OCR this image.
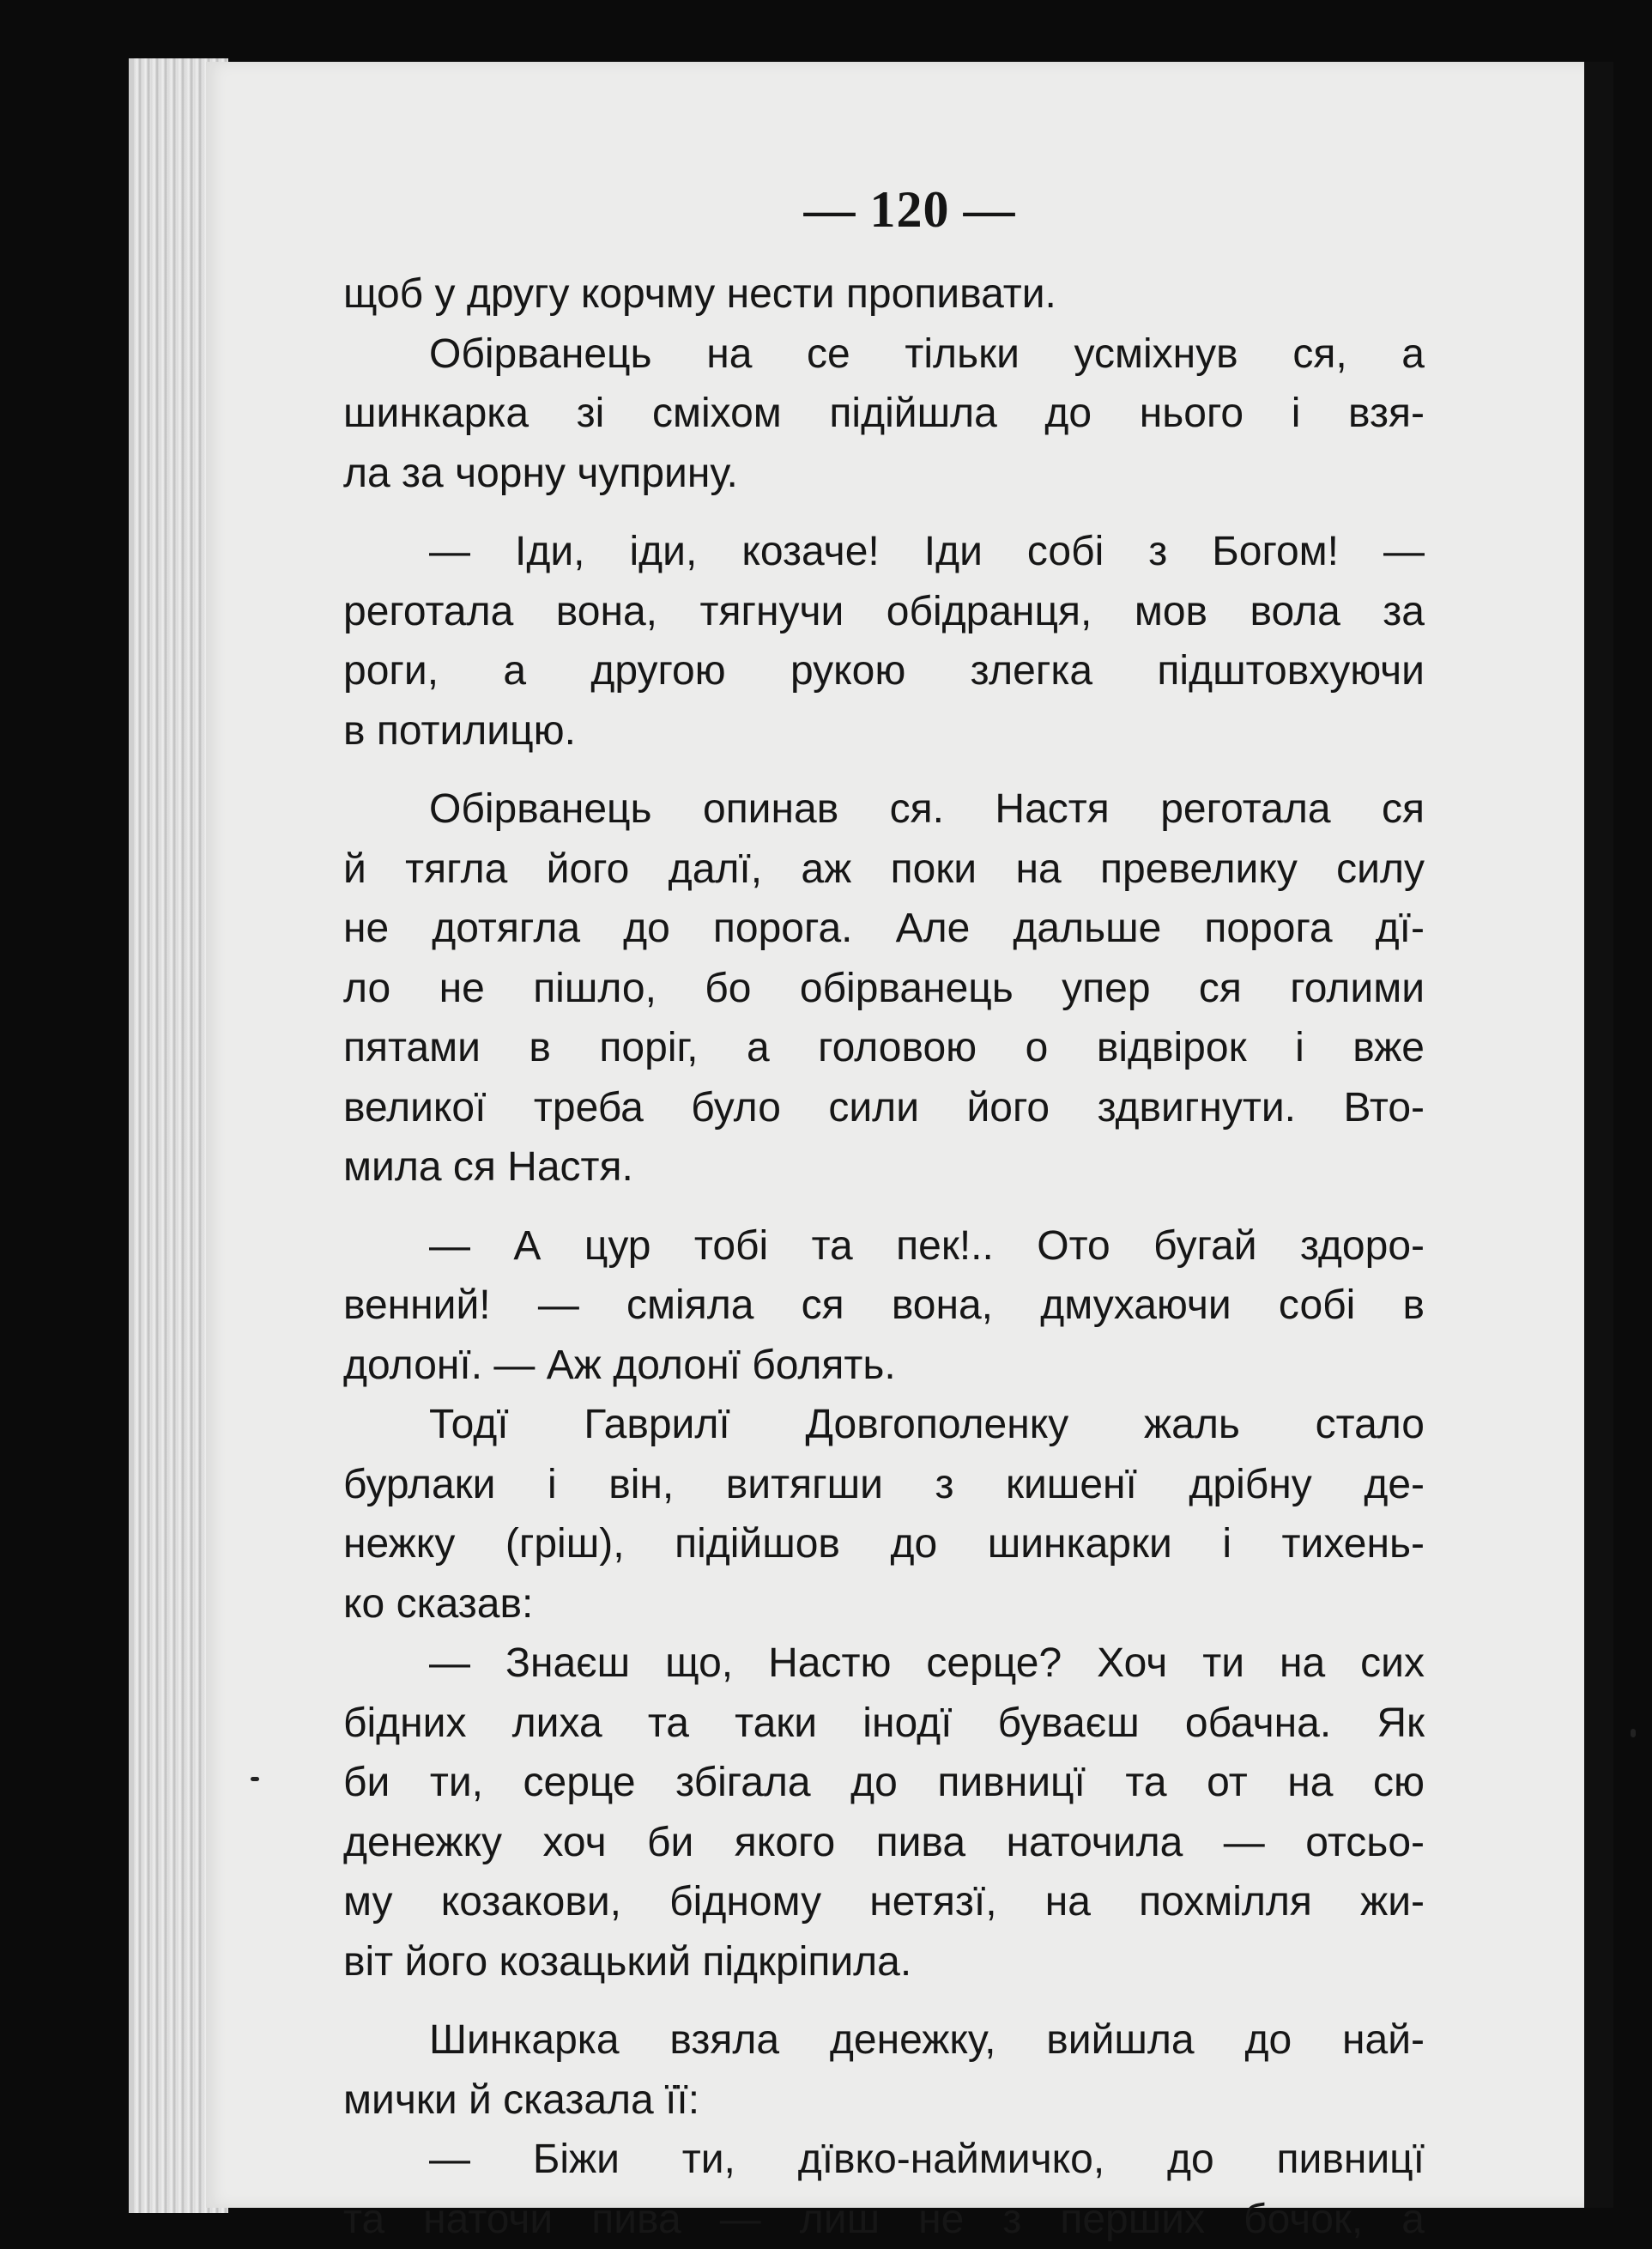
— 120 —
щоб у другу корчму нести пропивати.
Обірванець на се тільки усміхнув ся, а
шинкарка зі сміхом підійшла до нього і взя-
ла за чорну чуприну.
— Іди, іди, козаче! Іди собі з Богом! —
реготала вона, тягнучи обідранця, мов вола за
роги, а другою рукою злегка підштовхуючи
в потилицю.
Обірванець опинав ся. Настя реготала ся
й тягла його далї, аж поки на превелику силу
не дотягла до порога. Але дальше порога дї-
ло не пішло, бо обірванець упер ся голими
пятами в поріг, а головою о відвірок і вже
великої треба було сили його здвигнути. Вто-
мила ся Настя.
— А цур тобі та пек!.. Ото бугай здоро-
венний! — сміяла ся вона, дмухаючи собі в
долонї. — Аж долонї болять.
Тодї Гаврилї Довгополенку жаль стало
бурлаки і він, витягши з кишенї дрібну де-
нежку (гріш), підійшов до шинкарки і тихень-
ко сказав:
— Знаєш що, Настю серце? Хоч ти на сих
бідних лиха та таки інодї буваєш обачна. Як
би ти, серце збігала до пивницї та от на сю
денежку хоч би якого пива наточила — отсьо-
му козакови, бідному нетязї, на похмілля жи-
віт його козацький підкріпила.
Шинкарка взяла денежку, вийшла до най-
мички й сказала її:
— Біжи ти, дївко-наймичко, до пивницї
та наточи пива — лиш не з перших бочок, а
